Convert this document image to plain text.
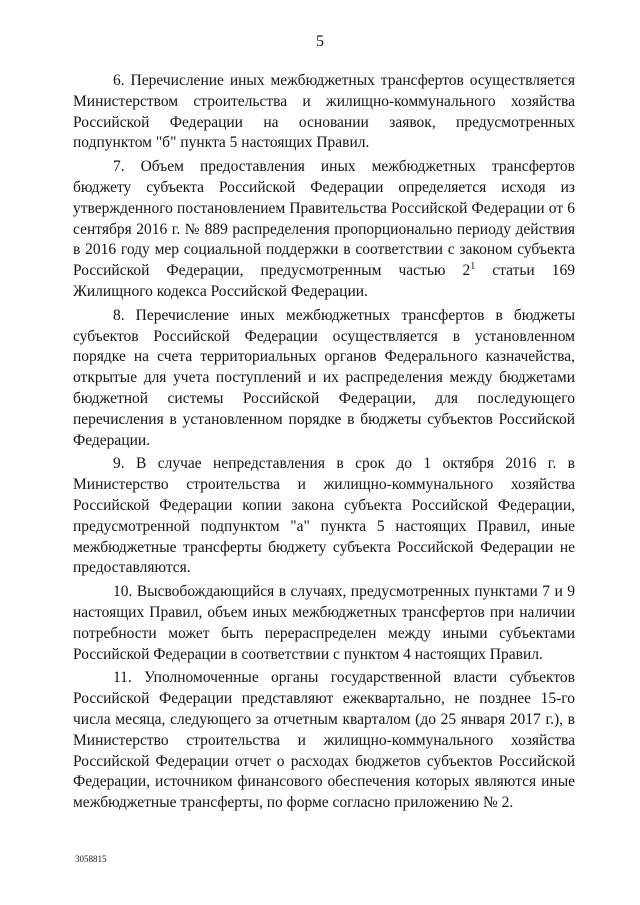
5

6. Перечисление иных межбюджетных трансфертов осуществляется Министерством строительства и жилищно-коммунального хозяйства Российской Федерации на основании заявок, предусмотренных подпунктом "б" пункта 5 настоящих Правил.

7. Объем предоставления иных межбюджетных трансфертов бюджету субъекта Российской Федерации определяется исходя из утвержденного постановлением Правительства Российской Федерации от 6 сентября 2016 г. № 889 распределения пропорционально периоду действия в 2016 году мер социальной поддержки в соответствии с законом субъекта Российской Федерации, предусмотренным частью $2^1$ статьи 169 Жилищного кодекса Российской Федерации.

8. Перечисление иных межбюджетных трансфертов в бюджеты субъектов Российской Федерации осуществляется в установленном порядке на счета территориальных органов Федерального казначейства, открытые для учета поступлений и их распределения между бюджетами бюджетной системы Российской Федерации, для последующего перечисления в установленном порядке в бюджеты субъектов Российской Федерации.

9. В случае непредставления в срок до 1 октября 2016 г. в Министерство строительства и жилищно-коммунального хозяйства Российской Федерации копии закона субъекта Российской Федерации, предусмотренной подпунктом "а" пункта 5 настоящих Правил, иные межбюджетные трансферты бюджету субъекта Российской Федерации не предоставляются.

10. Высвобождающийся в случаях, предусмотренных пунктами 7 и 9 настоящих Правил, объем иных межбюджетных трансфертов при наличии потребности может быть перераспределен между иными субъектами Российской Федерации в соответствии с пунктом 4 настоящих Правил.

11. Уполномоченные органы государственной власти субъектов Российской Федерации представляют ежеквартально, не позднее 15-го числа месяца, следующего за отчетным кварталом (до 25 января 2017 г.), в Министерство строительства и жилищно-коммунального хозяйства Российской Федерации отчет о расходах бюджетов субъектов Российской Федерации, источником финансового обеспечения которых являются иные межбюджетные трансферты, по форме согласно приложению № 2.

3058815
